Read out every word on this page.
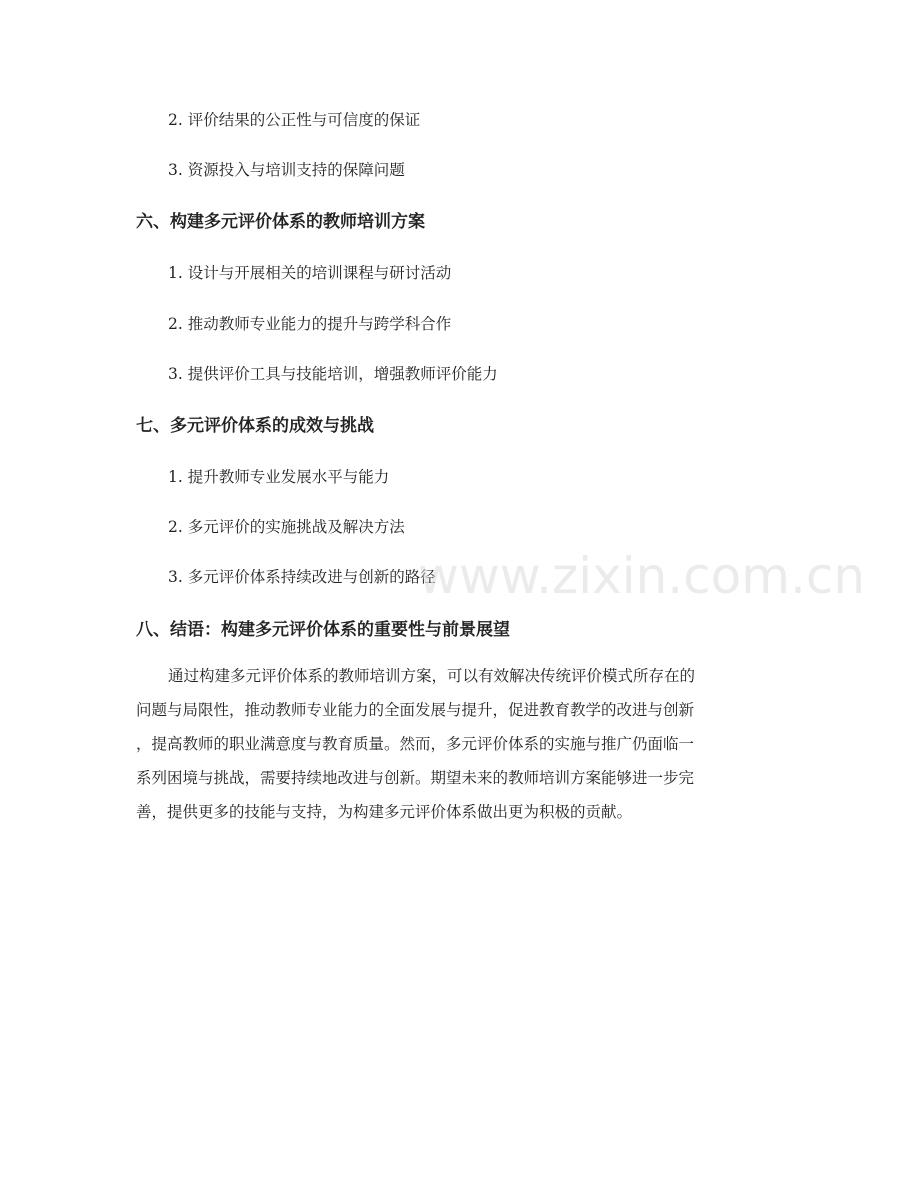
2. 评价结果的公正性与可信度的保证
3. 资源投入与培训支持的保障问题
六、构建多元评价体系的教师培训方案
1. 设计与开展相关的培训课程与研讨活动
2. 推动教师专业能力的提升与跨学科合作
3. 提供评价工具与技能培训，增强教师评价能力
七、多元评价体系的成效与挑战
1. 提升教师专业发展水平与能力
2. 多元评价的实施挑战及解决方法
3. 多元评价体系持续改进与创新的路径
八、结语：构建多元评价体系的重要性与前景展望
通过构建多元评价体系的教师培训方案，可以有效解决传统评价模式所存在的
问题与局限性，推动教师专业能力的全面发展与提升，促进教育教学的改进与创新
，提高教师的职业满意度与教育质量。然而，多元评价体系的实施与推广仍面临一
系列困境与挑战，需要持续地改进与创新。期望未来的教师培训方案能够进一步完
善，提供更多的技能与支持，为构建多元评价体系做出更为积极的贡献。
www.zixin.com.cn
